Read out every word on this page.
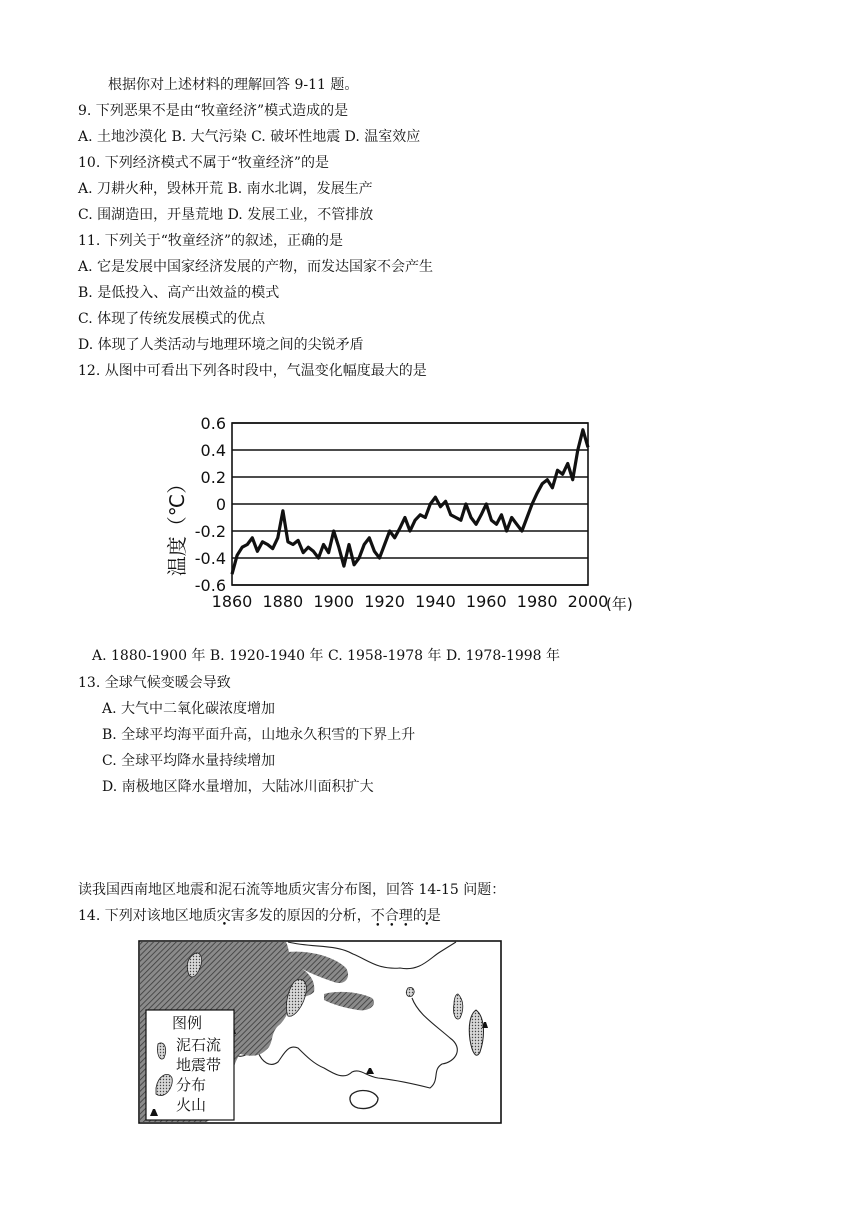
根据你对上述材料的理解回答 9-11 题。
9. 下列恶果不是由“牧童经济”模式造成的是
A. 土地沙漠化 B. 大气污染 C. 破坏性地震 D. 温室效应
10. 下列经济模式不属于“牧童经济”的是
A. 刀耕火种，毁林开荒 B. 南水北调，发展生产
C. 围湖造田，开垦荒地 D. 发展工业，不管排放
11. 下列关于“牧童经济”的叙述，正确的是
A. 它是发展中国家经济发展的产物，而发达国家不会产生
B. 是低投入、高产出效益的模式
C. 体现了传统发展模式的优点
D. 体现了人类活动与地理环境之间的尖锐矛盾
12. 从图中可看出下列各时段中，气温变化幅度最大的是
0.6
0.4
0.2
0
-0.2
-0.4
-0.6
1860 1880 1900 1920 1940 1960 1980 2000
温度（℃）
(年)
A. 1880-1900 年 B. 1920-1940 年 C. 1958-1978 年 D. 1978-1998 年
13. 全球气候变暖会导致
A. 大气中二氧化碳浓度增加
B. 全球平均海平面升高，山地永久积雪的下界上升
C. 全球平均降水量持续增加
D. 南极地区降水量增加，大陆冰川面积扩大
读我国西南地区地震和泥石流等地质灾害分布图，回答 14-15 问题：
14. 下列对该地区地质灾害多发的原因的分析， •不合理的是
图例
泥石流
地震带
分布
火山
